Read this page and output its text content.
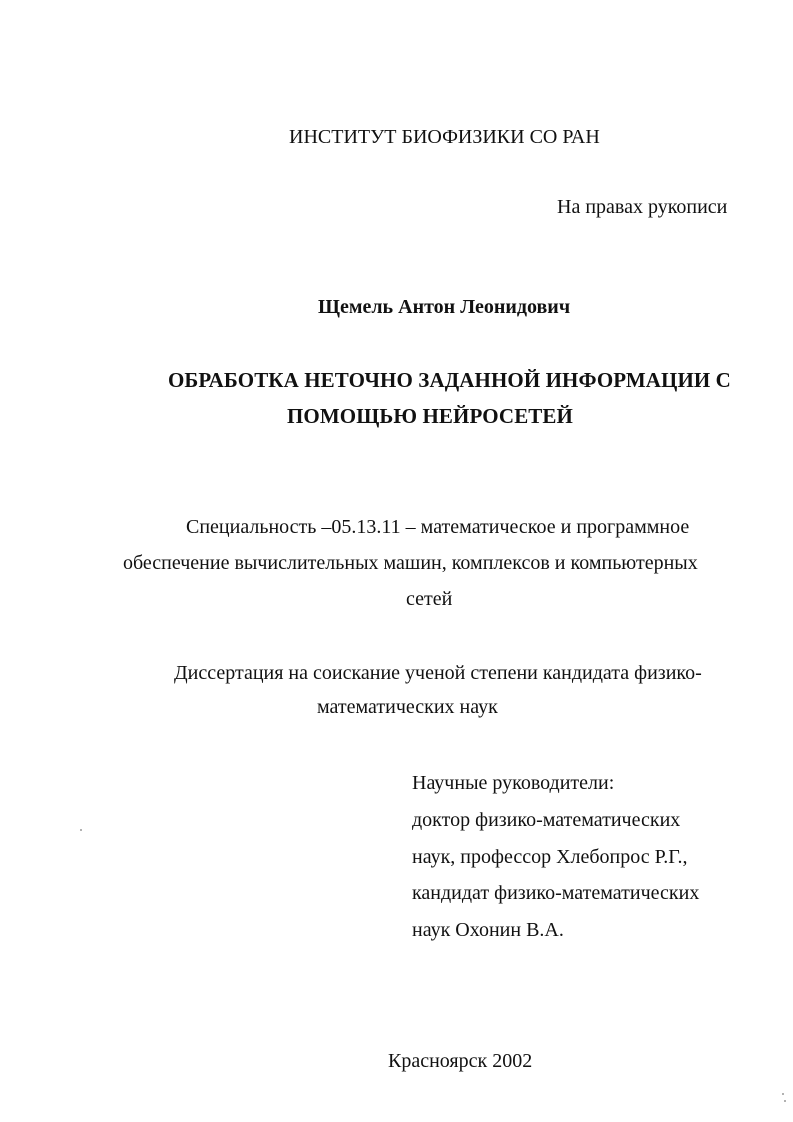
ИНСТИТУТ БИОФИЗИКИ СО РАН
На правах рукописи
Щемель Антон Леонидович
ОБРАБОТКА НЕТОЧНО ЗАДАННОЙ ИНФОРМАЦИИ С
ПОМОЩЬЮ НЕЙРОСЕТЕЙ
Специальность –05.13.11 – математическое и программное
обеспечение вычислительных машин, комплексов и компьютерных
сетей
Диссертация на соискание ученой степени кандидата физико-
математических наук
Научные руководители:
доктор физико-математических
наук, профессор Хлебопрос Р.Г.,
кандидат физико-математических
наук Охонин В.А.
Красноярск 2002
